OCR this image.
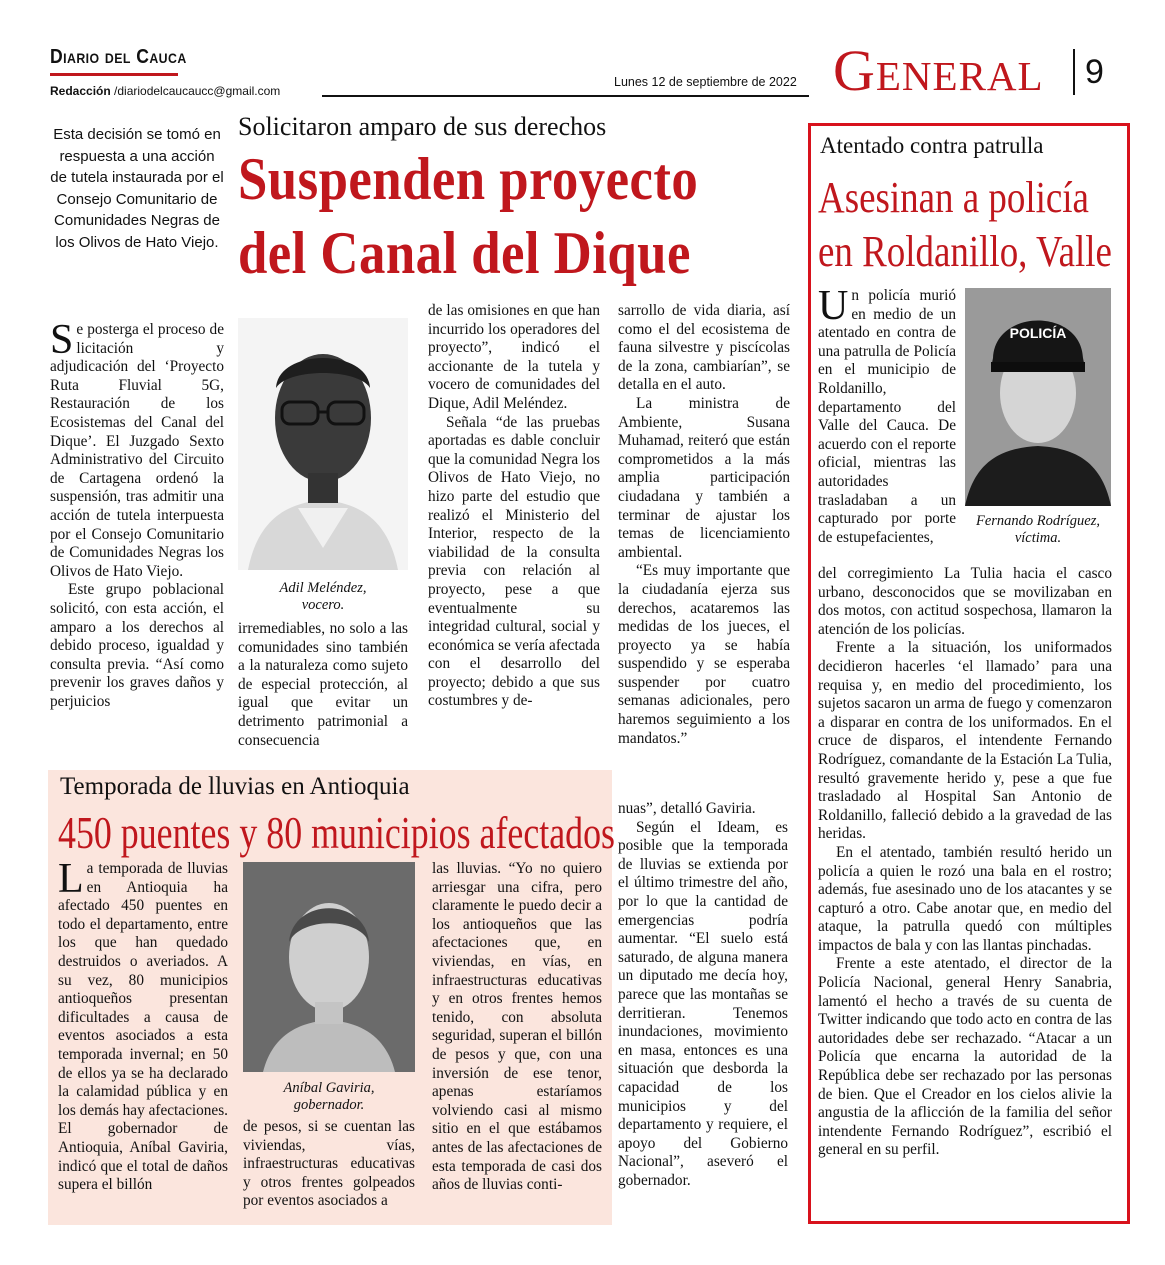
Diario del Cauca
Redacción /diariodelcaucaucc@gmail.com
Lunes 12 de septiembre de 2022 General 9
Esta decisión se tomó en respuesta a una acción de tutela instaurada por el Consejo Comunitario de Comunidades Negras de los Olivos de Hato Viejo.
Solicitaron amparo de sus derechos
Suspenden proyecto
del Canal del Dique

Se posterga el proceso de licitación y adjudicación del ‘Proyecto Ruta Fluvial 5G, Restauración de los Ecosistemas del Canal del Dique’. El Juzgado Sexto Administrativo del Circuito de Cartagena ordenó la suspensión, tras admitir una acción de tutela interpuesta por el Consejo Comunitario de Comunidades Negras los Olivos de Hato Viejo.

Este grupo poblacional solicitó, con esta acción, el amparo a los derechos al debido proceso, igualdad y consulta previa. “Así como prevenir los graves daños y perjuicios

Adil Meléndez,
vocero.

irremediables, no solo a las comunidades sino también a la naturaleza como sujeto de especial protección, al igual que evitar un detrimento patrimonial a consecuencia

de las omisiones en que han incurrido los operadores del proyecto”, indicó el accionante de la tutela y vocero de comunidades del Dique, Adil Meléndez.

Señala “de las pruebas aportadas es dable concluir que la comunidad Negra los Olivos de Hato Viejo, no hizo parte del estudio que realizó el Ministerio del Interior, respecto de la viabilidad de la consulta previa con relación al proyecto, pese a que eventualmente su integridad cultural, social y económica se vería afectada con el desarrollo del proyecto; debido a que sus costumbres y de-

sarrollo de vida diaria, así como el del ecosistema de fauna silvestre y piscícolas de la zona, cambiarían”, se detalla en el auto.

La ministra de Ambiente, Susana Muhamad, reiteró que están comprometidos a la más amplia participación ciudadana y también a terminar de ajustar los temas de licenciamiento ambiental.

“Es muy importante que la ciudadanía ejerza sus derechos, acataremos las medidas de los jueces, el proyecto ya se había suspendido y se esperaba suspender por cuatro semanas adicionales, pero haremos seguimiento a los mandatos.”

Temporada de lluvias en Antioquia
450 puentes y 80 municipios afectados

La temporada de lluvias en Antioquia ha afectado 450 puentes en todo el departamento, entre los que han quedado destruidos o averiados. A su vez, 80 municipios antioqueños presentan dificultades a causa de eventos asociados a esta temporada invernal; en 50 de ellos ya se ha declarado la calamidad pública y en los demás hay afectaciones. El gobernador de Antioquia, Aníbal Gaviria, indicó que el total de daños supera el billón

Aníbal Gaviria,
gobernador.

de pesos, si se cuentan las viviendas, vías, infraestructuras educativas y otros frentes golpeados por eventos asociados a

las lluvias. “Yo no quiero arriesgar una cifra, pero claramente le puedo decir a los antioqueños que las afectaciones que, en viviendas, en vías, en infraestructuras educativas y en otros frentes hemos tenido, con absoluta seguridad, superan el billón de pesos y que, con una inversión de ese tenor, apenas estaríamos volviendo casi al mismo sitio en el que estábamos antes de las afectaciones de esta temporada de casi dos años de lluvias conti-

nuas”, detalló Gaviria.

Según el Ideam, es posible que la temporada de lluvias se extienda por el último trimestre del año, por lo que la cantidad de emergencias podría aumentar. “El suelo está saturado, de alguna manera un diputado me decía hoy, parece que las montañas se derritieran. Tenemos inundaciones, movimiento en masa, entonces es una situación que desborda la capacidad de los municipios y del departamento y requiere, el apoyo del Gobierno Nacional”, aseveró el gobernador.

Atentado contra patrulla
Asesinan a policía
en Roldanillo, Valle
POLICÍA
Fernando Rodríguez,
víctima.

Un policía murió en medio de un atentado en contra de una patrulla de Policía en el municipio de Roldanillo, departamento del Valle del Cauca. De acuerdo con el reporte oficial, mientras las autoridades trasladaban a un capturado por porte de estupefacientes,

del corregimiento La Tulia hacia el casco urbano, desconocidos que se movilizaban en dos motos, con actitud sospechosa, llamaron la atención de los policías.

Frente a la situación, los uniformados decidieron hacerles ‘el llamado’ para una requisa y, en medio del procedimiento, los sujetos sacaron un arma de fuego y comenzaron a disparar en contra de los uniformados. En el cruce de disparos, el intendente Fernando Rodríguez, comandante de la Estación La Tulia, resultó gravemente herido y, pese a que fue trasladado al Hospital San Antonio de Roldanillo, falleció debido a la gravedad de las heridas.

En el atentado, también resultó herido un policía a quien le rozó una bala en el rostro; además, fue asesinado uno de los atacantes y se capturó a otro. Cabe anotar que, en medio del ataque, la patrulla quedó con múltiples impactos de bala y con las llantas pinchadas.

Frente a este atentado, el director de la Policía Nacional, general Henry Sanabria, lamentó el hecho a través de su cuenta de Twitter indicando que todo acto en contra de las autoridades debe ser rechazado. “Atacar a un Policía que encarna la autoridad de la República debe ser rechazado por las personas de bien. Que el Creador en los cielos alivie la angustia de la aflicción de la familia del señor intendente Fernando Rodríguez”, escribió el general en su perfil.
